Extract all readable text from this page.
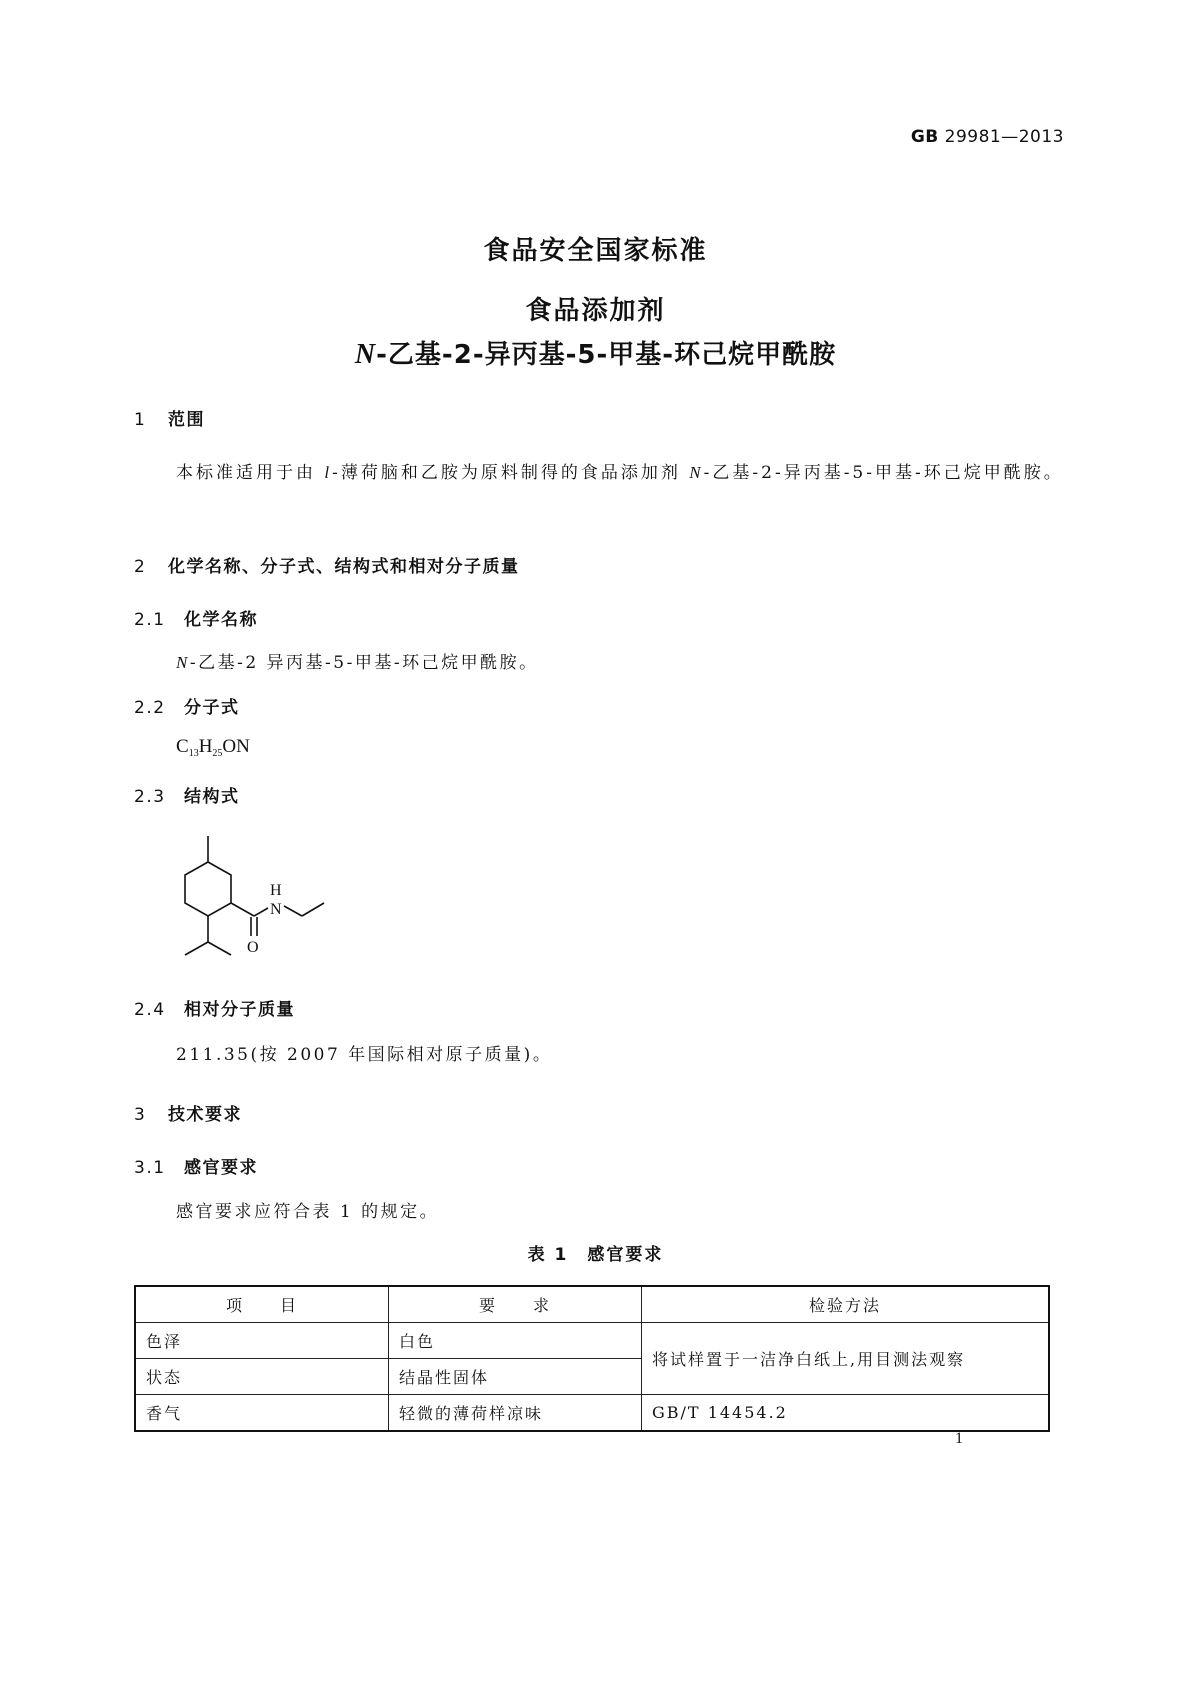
GB 29981—2013
食品安全国家标准
食品添加剂
N-乙基-2-异丙基-5-甲基-环己烷甲酰胺
1 范围
本标准适用于由 l-薄荷脑和乙胺为原料制得的食品添加剂 N-乙基-2-异丙基-5-甲基-环己烷甲酰胺。
2 化学名称、分子式、结构式和相对分子质量
2.1 化学名称
N-乙基-2 异丙基-5-甲基-环己烷甲酰胺。
2.2 分子式
$C_{13}H_{25}ON$
2.3 结构式
H
N
O
2.4 相对分子质量
211.35(按 2007 年国际相对原子质量)。
3 技术要求
3.1 感官要求
感官要求应符合表 1 的规定。
表 1　感官要求
项　　目	要　　求	检验方法
色泽	白色	将试样置于一洁净白纸上,用目测法观察
状态	结晶性固体	
香气	轻微的薄荷样凉味	GB/T 14454.2
1
